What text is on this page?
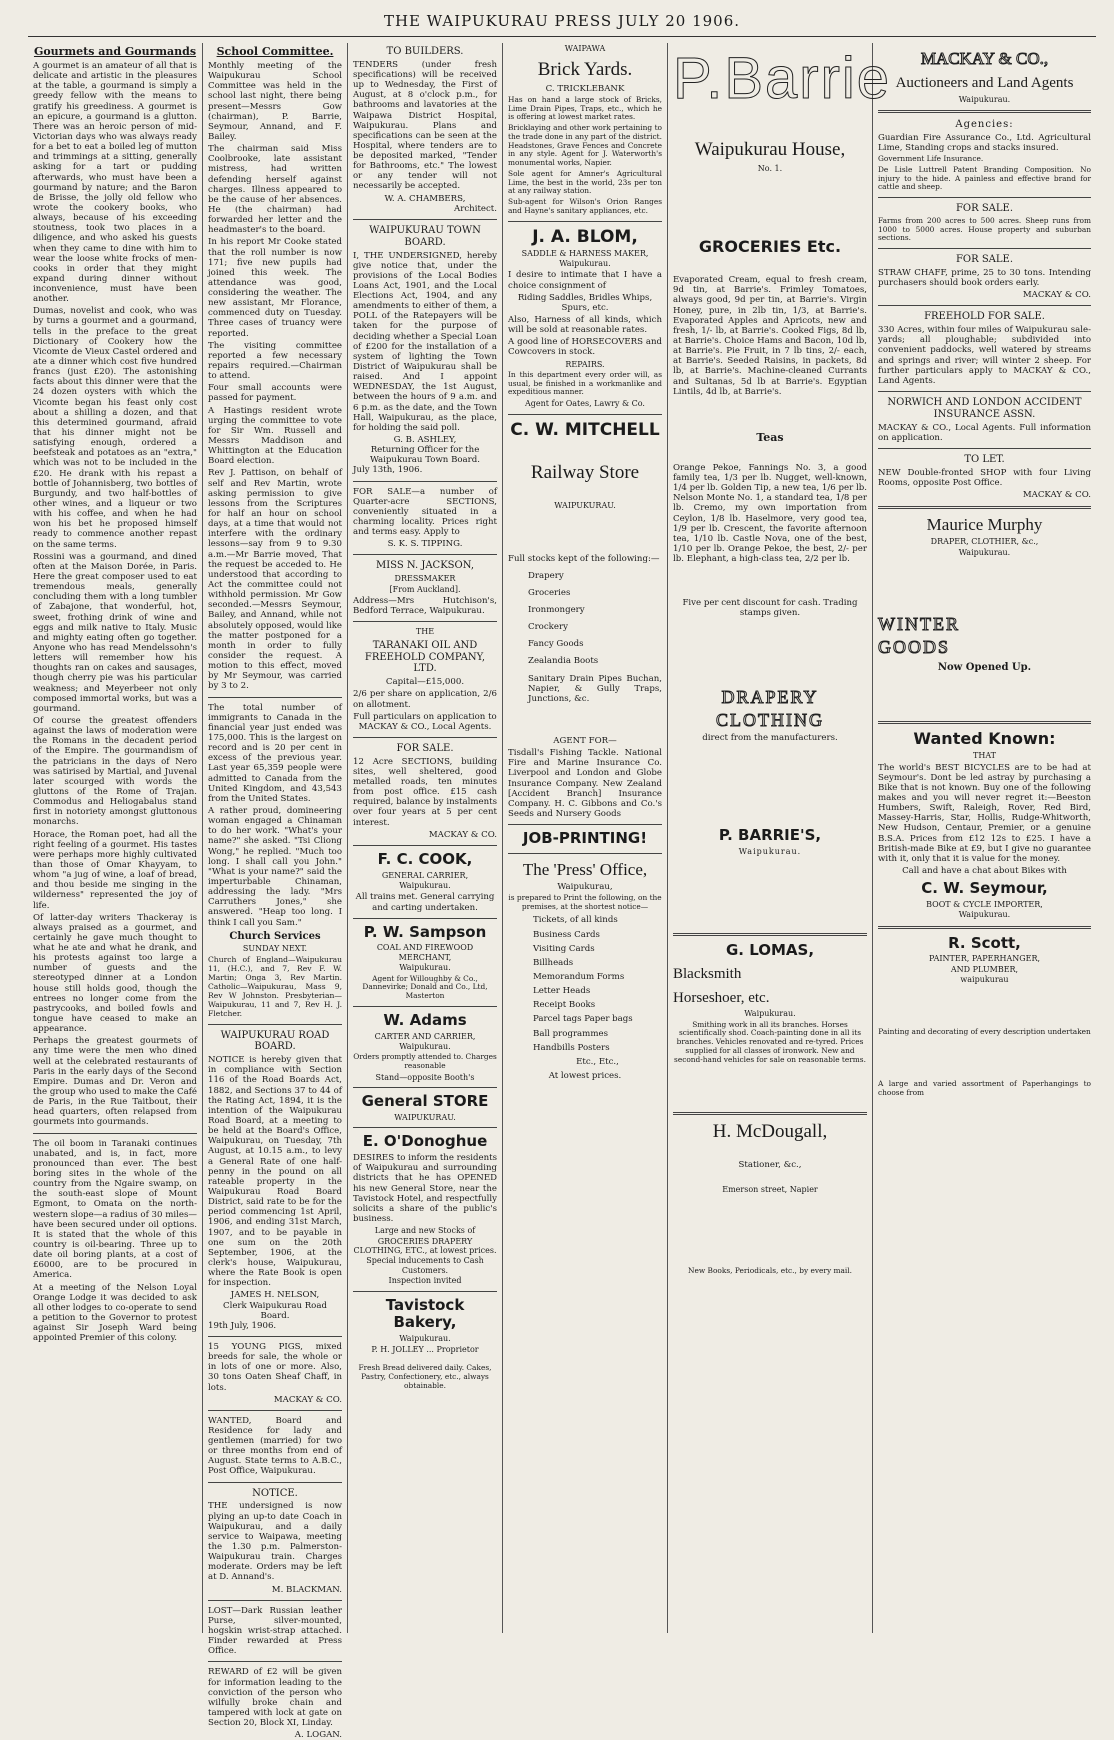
THE WAIPUKURAU PRESS JULY 20 1906.
Gourmets and Gourmands

A gourmet is an amateur of all that is delicate and artistic in the pleasures at the table, a gourmand is simply a greedy fellow with the means to gratify his greediness. A gourmet is an epicure, a gourmand is a glutton. There was an heroic person of mid-Victorian days who was always ready for a bet to eat a boiled leg of mutton and trimmings at a sitting, generally asking for a tart or pudding afterwards, who must have been a gourmand by nature; and the Baron de Brisse, the jolly old fellow who wrote the cookery books, who always, because of his exceeding stoutness, took two places in a diligence, and who asked his guests when they came to dine with him to wear the loose white frocks of men-cooks in order that they might expand during dinner without inconvenience, must have been another.

Dumas, novelist and cook, who was by turns a gourmet and a gourmand, tells in the preface to the great Dictionary of Cookery how the Vicomte de Vieux Castel ordered and ate a dinner which cost five hundred francs (just £20). The astonishing facts about this dinner were that the 24 dozen oysters with which the Vicomte began his feast only cost about a shilling a dozen, and that this determined gourmand, afraid that his dinner might not be satisfying enough, ordered a beefsteak and potatoes as an "extra," which was not to be included in the £20. He drank with his repast a bottle of Johannisberg, two bottles of Burgundy, and two half-bottles of other wines, and a liqueur or two with his coffee, and when he had won his bet he proposed himself ready to commence another repast on the same terms.

Rossini was a gourmand, and dined often at the Maison Dorée, in Paris. Here the great composer used to eat tremendous meals, generally concluding them with a long tumbler of Zabajone, that wonderful, hot, sweet, frothing drink of wine and eggs and milk native to Italy. Music and mighty eating often go together. Anyone who has read Mendelssohn's letters will remember how his thoughts ran on cakes and sausages, though cherry pie was his particular weakness; and Meyerbeer not only composed immortal works, but was a gourmand.

Of course the greatest offenders against the laws of moderation were the Romans in the decadent period of the Empire. The gourmandism of the patricians in the days of Nero was satirised by Martial, and Juvenal later scourged with words the gluttons of the Rome of Trajan. Commodus and Heliogabalus stand first in notoriety amongst gluttonous monarchs.

Horace, the Roman poet, had all the right feeling of a gourmet. His tastes were perhaps more highly cultivated than those of Omar Khayyam, to whom "a jug of wine, a loaf of bread, and thou beside me singing in the wilderness" represented the joy of life.

Of latter-day writers Thackeray is always praised as a gourmet, and certainly he gave much thought to what he ate and what he drank, and his protests against too large a number of guests and the stereotyped dinner at a London house still holds good, though the entrees no longer come from the pastrycooks, and boiled fowls and tongue have ceased to make an appearance.

Perhaps the greatest gourmets of any time were the men who dined well at the celebrated restaurants of Paris in the early days of the Second Empire. Dumas and Dr. Veron and the group who used to make the Café de Paris, in the Rue Taitbout, their head quarters, often relapsed from gourmets into gourmands.

The oil boom in Taranaki continues unabated, and is, in fact, more pronounced than ever. The best boring sites in the whole of the country from the Ngaire swamp, on the south-east slope of Mount Egmont, to Omata on the north-western slope—a radius of 30 miles—have been secured under oil options. It is stated that the whole of this country is oil-bearing. Three up to date oil boring plants, at a cost of £6000, are to be procured in America.

At a meeting of the Nelson Loyal Orange Lodge it was decided to ask all other lodges to co-operate to send a petition to the Governor to protest against Sir Joseph Ward being appointed Premier of this colony.

School Committee.

Monthly meeting of the Waipukurau School Committee was held in the school last night, there being present—Messrs Gow (chairman), P. Barrie, Seymour, Annand, and F. Bailey.

The chairman said Miss Coolbrooke, late assistant mistress, had written defending herself against charges. Illness appeared to be the cause of her absences. He (the chairman) had forwarded her letter and the headmaster's to the board.

In his report Mr Cooke stated that the roll number is now 171; five new pupils had joined this week. The attendance was good, considering the weather. The new assistant, Mr Florance, commenced duty on Tuesday. Three cases of truancy were reported.

The visiting committee reported a few necessary repairs required.—Chairman to attend.

Four small accounts were passed for payment.

A Hastings resident wrote urging the committee to vote for Sir Wm. Russell and Messrs Maddison and Whittington at the Education Board election.

Rev J. Pattison, on behalf of self and Rev Martin, wrote asking permission to give lessons from the Scriptures for half an hour on school days, at a time that would not interfere with the ordinary lessons—say from 9 to 9.30 a.m.—Mr Barrie moved, That the request be acceded to. He understood that according to Act the committee could not withhold permission. Mr Gow seconded.—Messrs Seymour, Bailey, and Annand, while not absolutely opposed, would like the matter postponed for a month in order to fully consider the request. A motion to this effect, moved by Mr Seymour, was carried by 3 to 2.

The total number of immigrants to Canada in the financial year just ended was 175,000. This is the largest on record and is 20 per cent in excess of the previous year. Last year 65,359 people were admitted to Canada from the United Kingdom, and 43,543 from the United States.

A rather proud, domineering woman engaged a Chinaman to do her work. "What's your name?" she asked. "Tsi Cliong Wong," he replied. "Much too long. I shall call you John." "What is your name?" said the imperturbable Chinaman, addressing the lady. "Mrs Carruthers Jones," she answered. "Heap too long. I think I call you Sam."

Church Services
SUNDAY NEXT.

Church of England—Waipukurau 11, (H.C.), and 7, Rev F. W. Martin; Onga 3, Rev Martin. Catholic—Waipukurau, Mass 9, Rev W Johnston. Presbyterian—Waipukurau, 11 and 7, Rev H. J. Fletcher.

WAIPUKURAU ROAD BOARD.

NOTICE is hereby given that in compliance with Section 116 of the Road Boards Act, 1882, and Sections 37 to 44 of the Rating Act, 1894, it is the intention of the Waipukurau Road Board, at a meeting to be held at the Board's Office, Waipukurau, on Tuesday, 7th August, at 10.15 a.m., to levy a General Rate of one half-penny in the pound on all rateable property in the Waipukurau Road Board District, said rate to be for the period commencing 1st April, 1906, and ending 31st March, 1907, and to be payable in one sum on the 20th September, 1906, at the clerk's house, Waipukurau, where the Rate Book is open for inspection.

JAMES H. NELSON,
Clerk Waipukurau Road Board.
19th July, 1906.

15 YOUNG PIGS, mixed breeds for sale, the whole or in lots of one or more. Also, 30 tons Oaten Sheaf Chaff, in lots.

MACKAY & CO.

WANTED, Board and Residence for lady and gentlemen (married) for two or three months from end of August. State terms to A.B.C., Post Office, Waipukurau.

NOTICE.

THE undersigned is now plying an up-to date Coach in Waipukurau, and a daily service to Waipawa, meeting the 1.30 p.m. Palmerston-Waipukurau train. Charges moderate. Orders may be left at D. Annand's.

M. BLACKMAN.

LOST—Dark Russian leather Purse, silver-mounted, hogskin wrist-strap attached. Finder rewarded at Press Office.

REWARD of £2 will be given for information leading to the conviction of the person who wilfully broke chain and tampered with lock at gate on Section 20, Block XI, Linday.

A. LOGAN.
TO BUILDERS.

TENDERS (under fresh specifications) will be received up to Wednesday, the First of August, at 8 o'clock p.m., for bathrooms and lavatories at the Waipawa District Hospital, Waipukurau. Plans and specifications can be seen at the Hospital, where tenders are to be deposited marked, "Tender for Bathrooms, etc." The lowest or any tender will not necessarily be accepted.

W. A. CHAMBERS,
Architect.
WAIPUKURAU TOWN BOARD.

I, THE UNDERSIGNED, hereby give notice that, under the provisions of the Local Bodies Loans Act, 1901, and the Local Elections Act, 1904, and any amendments to either of them, a POLL of the Ratepayers will be taken for the purpose of deciding whether a Special Loan of £200 for the installation of a system of lighting the Town District of Waipukurau shall be raised. And I appoint WEDNESDAY, the 1st August, between the hours of 9 a.m. and 6 p.m. as the date, and the Town Hall, Waipukurau, as the place, for holding the said poll.

G. B. ASHLEY,
Returning Officer for the Waipukurau Town Board.
July 13th, 1906.

FOR SALE—a number of Quarter-acre SECTIONS, conveniently situated in a charming locality. Prices right and terms easy. Apply to

S. K. S. TIPPING.
MISS N. JACKSON,
DRESSMAKER
[From Auckland].

Address—Mrs Hutchison's, Bedford Terrace, Waipukurau.

THE
TARANAKI OIL AND FREEHOLD COMPANY, LTD.
Capital—£15,000.

2/6 per share on application, 2/6 on allotment.

Full particulars on application to MACKAY & CO., Local Agents.

FOR SALE.

12 Acre SECTIONS, building sites, well sheltered, good metalled roads, ten minutes from post office. £15 cash required, balance by instalments over four years at 5 per cent interest.

MACKAY & CO.
F. C. COOK,
GENERAL CARRIER,
Waipukurau.

All trains met. General carrying and carting undertaken.

P. W. Sampson
COAL AND FIREWOOD MERCHANT,
Waipukurau.

Agent for Willoughby & Co., Dannevirke; Donald and Co., Ltd, Masterton

W. Adams
CARTER AND CARRIER,
Waipukurau.

Orders promptly attended to. Charges reasonable

Stand—opposite Booth's
General STORE
WAIPUKURAU.
E. O'Donoghue

DESIRES to inform the residents of Waipukurau and surrounding districts that he has OPENED his new General Store, near the Tavistock Hotel, and respectfully solicits a share of the public's business.

Large and new Stocks of
GROCERIES DRAPERY CLOTHING, ETC., at lowest prices.
Special inducements to Cash Customers.
Inspection invited
Tavistock Bakery,
Waipukurau.
P. H. JOLLEY ... Proprietor

Fresh Bread delivered daily. Cakes, Pastry, Confectionery, etc., always obtainable.

WAIPAWA
Brick Yards.
C. TRICKLEBANK

Has on hand a large stock of Bricks, Lime Drain Pipes, Traps, etc., which he is offering at lowest market rates.

Bricklaying and other work pertaining to the trade done in any part of the district. Headstones, Grave Fences and Concrete in any style. Agent for J. Waterworth's monumental works, Napier.

Sole agent for Amner's Agricultural Lime, the best in the world, 23s per ton at any railway station.

Sub-agent for Wilson's Orion Ranges and Hayne's sanitary appliances, etc.

J. A. BLOM,
SADDLE & HARNESS MAKER,
Waipukurau.

I desire to intimate that I have a choice consignment of

Riding Saddles, Bridles Whips, Spurs, etc.

Also, Harness of all kinds, which will be sold at reasonable rates.

A good line of HORSECOVERS and Cowcovers in stock.

REPAIRS.

In this department every order will, as usual, be finished in a workmanlike and expeditious manner.

Agent for Oates, Lawry & Co.
C. W. MITCHELL
Railway Store
WAIPUKURAU.

Full stocks kept of the following:—

Drapery
Groceries
Ironmongery
Crockery
Fancy Goods
Zealandia Boots

Sanitary Drain Pipes Buchan, Napier, & Gully Traps, Junctions, &c.

AGENT FOR—

Tisdall's Fishing Tackle. National Fire and Marine Insurance Co. Liverpool and London and Globe Insurance Company. New Zealand [Accident Branch] Insurance Company. H. C. Gibbons and Co.'s Seeds and Nursery Goods

JOB-PRINTING!
The 'Press' Office,
Waipukurau,

is prepared to Print the following, on the premises, at the shortest notice—

Tickets, of all kinds
Business Cards
Visiting Cards
Billheads
Memorandum Forms
Letter Heads
Receipt Books
Parcel tags Paper bags
Ball programmes
Handbills Posters
Etc., Etc.,
At lowest prices.
P.Barrie
Waipukurau House,
No. 1.
GROCERIES Etc.

Evaporated Cream, equal to fresh cream, 9d tin, at Barrie's. Frimley Tomatoes, always good, 9d per tin, at Barrie's. Virgin Honey, pure, in 2lb tin, 1/3, at Barrie's. Evaporated Apples and Apricots, new and fresh, 1/- lb, at Barrie's. Cooked Figs, 8d lb, at Barrie's. Choice Hams and Bacon, 10d lb, at Barrie's. Pie Fruit, in 7 lb tins, 2/- each, at Barrie's. Seeded Raisins, in packets, 8d lb, at Barrie's. Machine-cleaned Currants and Sultanas, 5d lb at Barrie's. Egyptian Lintils, 4d lb, at Barrie's.

Teas

Orange Pekoe, Fannings No. 3, a good family tea, 1/3 per lb. Nugget, well-known, 1/4 per lb. Golden Tip, a new tea, 1/6 per lb. Nelson Monte No. 1, a standard tea, 1/8 per lb. Cremo, my own importation from Ceylon, 1/8 lb. Haselmore, very good tea, 1/9 per lb. Crescent, the favorite afternoon tea, 1/10 lb. Castle Nova, one of the best, 1/10 per lb. Orange Pekoe, the best, 2/- per lb. Elephant, a high-class tea, 2/2 per lb.

Five per cent discount for cash. Trading stamps given.

DRAPERY
CLOTHING
direct from the manufacturers.
P. BARRIE'S,
Waipukurau.
G. LOMAS,
Blacksmith
Horseshoer, etc.
Waipukurau.

Smithing work in all its branches. Horses scientifically shod. Coach-painting done in all its branches. Vehicles renovated and re-tyred. Prices supplied for all classes of ironwork. New and second-hand vehicles for sale on reasonable terms.

H. McDougall,
Stationer, &c.,
Emerson street, Napier

New Books, Periodicals, etc., by every mail.

MACKAY & CO.,
Auctioneers and Land Agents
Waipukurau.
Agencies:

Guardian Fire Assurance Co., Ltd. Agricultural Lime, Standing crops and stacks insured.

Government Life Insurance.

De Lisle Luttrell Patent Branding Composition. No injury to the hide. A painless and effective brand for cattle and sheep.

FOR SALE.

Farms from 200 acres to 500 acres. Sheep runs from 1000 to 5000 acres. House property and suburban sections.

FOR SALE.

STRAW CHAFF, prime, 25 to 30 tons. Intending purchasers should book orders early.

MACKAY & CO.
FREEHOLD FOR SALE.

330 Acres, within four miles of Waipukurau sale-yards; all ploughable; subdivided into convenient paddocks, well watered by streams and springs and river; will winter 2 sheep. For further particulars apply to MACKAY & CO., Land Agents.

NORWICH AND LONDON ACCIDENT INSURANCE ASSN.

MACKAY & CO., Local Agents. Full information on application.

TO LET.

NEW Double-fronted SHOP with four Living Rooms, opposite Post Office.

MACKAY & CO.
Maurice Murphy
DRAPER, CLOTHIER, &c.,
Waipukurau.
WINTER
GOODS
Now Opened Up.
Wanted Known:
THAT

The world's BEST BICYCLES are to be had at Seymour's. Dont be led astray by purchasing a Bike that is not known. Buy one of the following makes and you will never regret it:—Beeston Humbers, Swift, Raleigh, Rover, Red Bird, Massey-Harris, Star, Hollis, Rudge-Whitworth, New Hudson, Centaur, Premier, or a genuine B.S.A. Prices from £12 12s to £25. I have a British-made Bike at £9, but I give no guarantee with it, only that it is value for the money.

Call and have a chat about Bikes with

C. W. Seymour,
BOOT & CYCLE IMPORTER,
Waipukurau.
R. Scott,
PAINTER, PAPERHANGER,
AND PLUMBER,
waipukurau

Painting and decorating of every description undertaken

A large and varied assortment of Paperhangings to choose from
